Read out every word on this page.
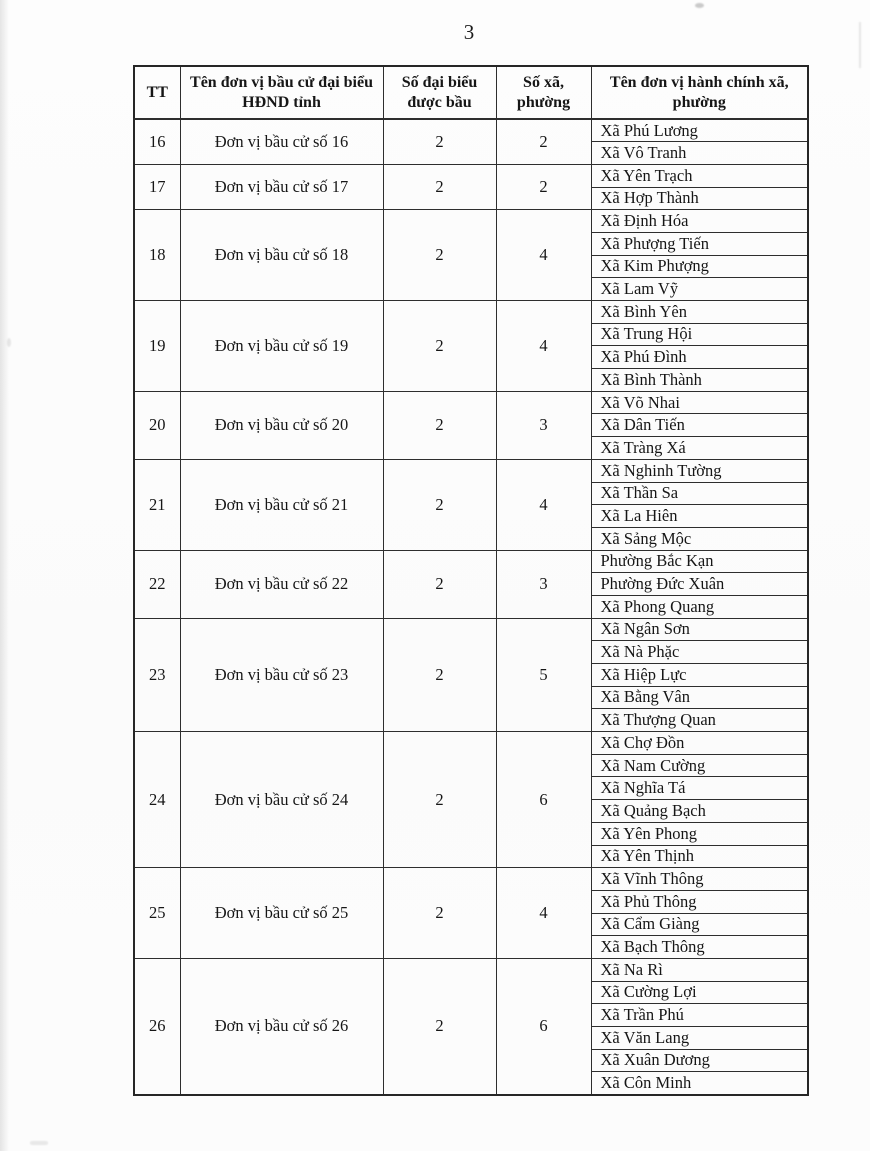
3
TT	Tên đơn vị bầu cử đại biểu HĐND tỉnh	Số đại biểu được bầu	Số xã, phường	Tên đơn vị hành chính xã, phường
16	Đơn vị bầu cử số 16	2	2	Xã Phú Lương
				Xã Vô Tranh
17	Đơn vị bầu cử số 17	2	2	Xã Yên Trạch
				Xã Hợp Thành
18	Đơn vị bầu cử số 18	2	4	Xã Định Hóa
				Xã Phượng Tiến
				Xã Kim Phượng
				Xã Lam Vỹ
19	Đơn vị bầu cử số 19	2	4	Xã Bình Yên
				Xã Trung Hội
				Xã Phú Đình
				Xã Bình Thành
20	Đơn vị bầu cử số 20	2	3	Xã Võ Nhai
				Xã Dân Tiến
				Xã Tràng Xá
21	Đơn vị bầu cử số 21	2	4	Xã Nghinh Tường
				Xã Thần Sa
				Xã La Hiên
				Xã Sảng Mộc
22	Đơn vị bầu cử số 22	2	3	Phường Bắc Kạn
				Phường Đức Xuân
				Xã Phong Quang
23	Đơn vị bầu cử số 23	2	5	Xã Ngân Sơn
				Xã Nà Phặc
				Xã Hiệp Lực
				Xã Bằng Vân
				Xã Thượng Quan
24	Đơn vị bầu cử số 24	2	6	Xã Chợ Đồn
				Xã Nam Cường
				Xã Nghĩa Tá
				Xã Quảng Bạch
				Xã Yên Phong
				Xã Yên Thịnh
25	Đơn vị bầu cử số 25	2	4	Xã Vĩnh Thông
				Xã Phủ Thông
				Xã Cẩm Giàng
				Xã Bạch Thông
26	Đơn vị bầu cử số 26	2	6	Xã Na Rì
				Xã Cường Lợi
				Xã Trần Phú
				Xã Văn Lang
				Xã Xuân Dương
				Xã Côn Minh
